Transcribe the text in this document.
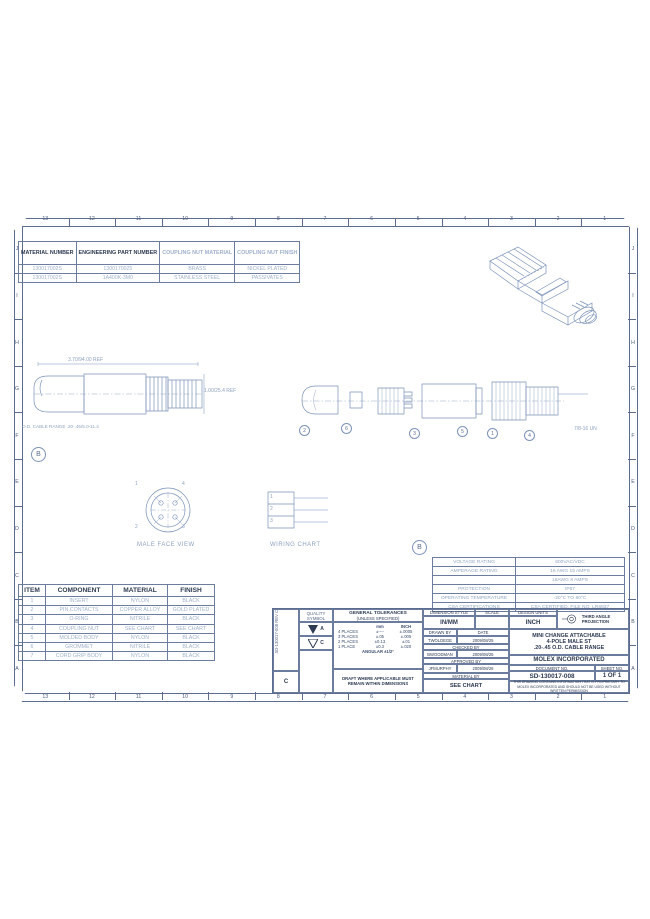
13
13
12
12
11
11
10
10
9
9
8
8
7
7
6
6
5
5
4
4
3
3
2
2
1
1
J	J
I	I
H	H
G	G
F	F
E	E
D	D
C	C
B	B
A	A
MATERIAL NUMBER	ENGINEERING PART NUMBER	COUPLING NUT MATERIAL	COUPLING NUT FINISH
130017002S	1300170025	BRASS	NICKEL PLATED
130017002S	1A400K-3M0	STAINLESS STEEL	PASSIVATES
3.70/94.00 REF
1.00/25.4 REF
O.D. CABLE RANGE .20-.45/5.0-11.4
B
2	6
3	5	1	4
7/8-16 UN
1	4
2	3
MALE FACE VIEW
1
2
3
WIRING CHART	B
VOLTAGE RATING	600VAC/VDC
AMPERAGE RATING	16 AWG 15 AMPS
	18AWG 8 AMPS
PROTECTION	IP67
OPERATING TEMPERATURE	-20°C TO 80°C
CSA CERTIFICATIONS	CSA CERTIFIED, FILE NO. LR6837
ITEM	COMPONENT	MATERIAL	FINISH
1	INSERT	NYLON	BLACK
2	PIN CONTACTS	COPPER ALLOY	GOLD PLATED
3	O-RING	NITRILE	BLACK
4	COUPLING NUT	SEE CHART	SEE CHART
5	MOLDED BODY	NYLON	BLACK
6	GROMMET	NITRILE	BLACK
7	CORD GRIP BODY	NYLON	BLACK
SD-130017-008 REV C
C
QUALITY SYMBOL
A
C
GENERAL TOLERANCES
(UNLESS SPECIFIED)
	mm	INCH
4 PLACES	±----	±.0005
3 PLACES	±.05	±.005
2 PLACES	±0.13	±.01
1 PLACE	±0.3	±.020
ANGULAR ±1/2°		
DRAFT WHERE APPLICABLE MUST REMAIN WITHIN DIMENSIONS
DIMENSION STYLE
IN/MM
SCALE	DESIGN UNITS
INCH
THIRD ANGLE PROJECTION
DRAWN BY	DATE
TWOLDEGE	2009/08/25
CHECKED BY
BWOODMAN	2009/08/25
APPROVED BY
JFMURPHY	2009/08/26
MATERIAL BY
SEE CHART
MINI CHANGE ATTACHABLE
4-POLE MALE ST
.20-.45 O.D. CABLE RANGE
MOLEX INCORPORATED
DOCUMENT NO.	SHEET NO.
SD-130017-008	1 OF 1
THIS DRAWING CONTAINS INFORMATION THAT IS PROPRIETARY TO MOLEX INCORPORATED AND SHOULD NOT BE USED WITHOUT WRITTEN PERMISSION
